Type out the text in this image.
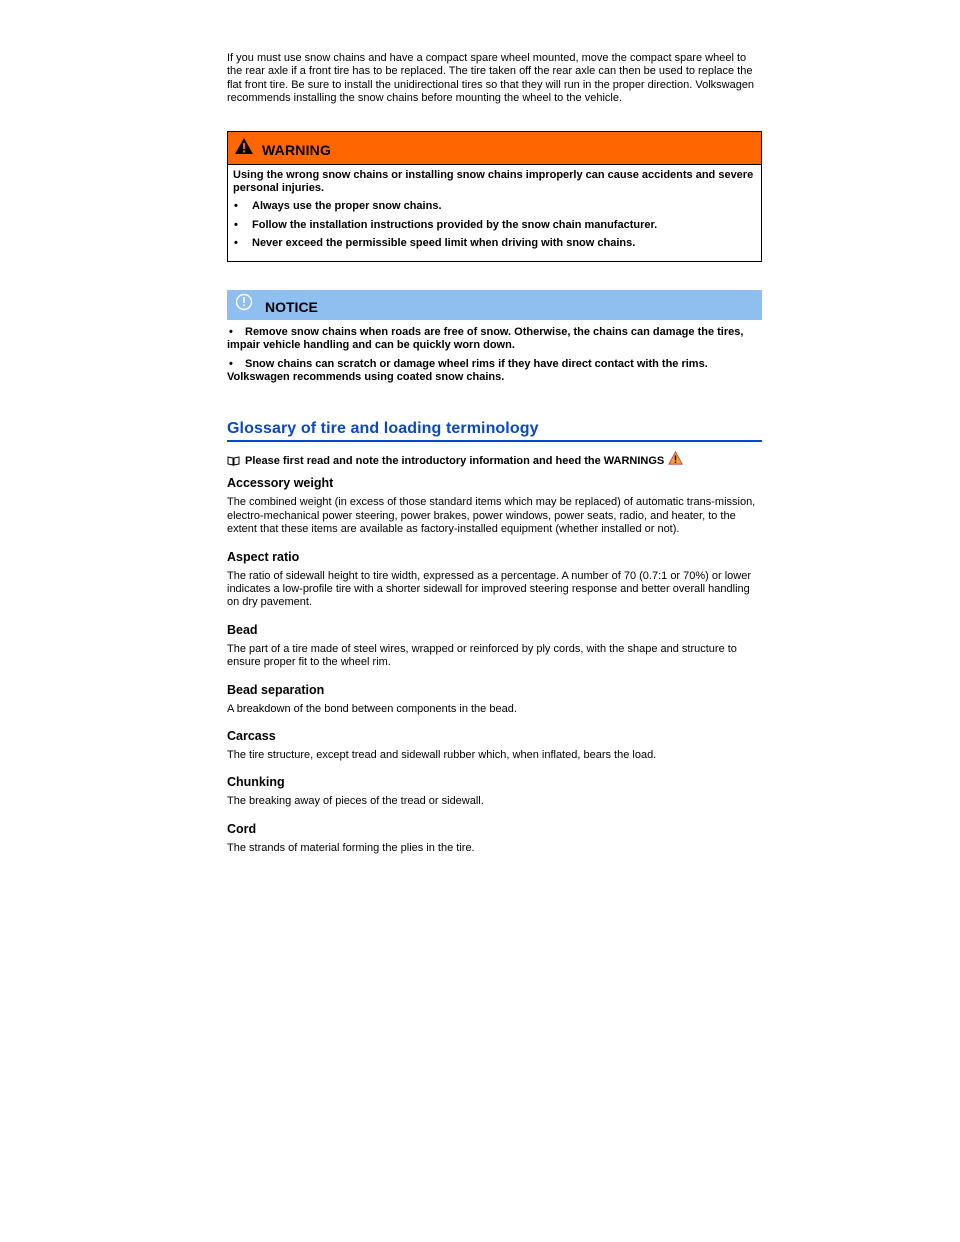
If you must use snow chains and have a compact spare wheel mounted, move the compact spare wheel to the rear axle if a front tire has to be replaced. The tire taken off the rear axle can then be used to replace the flat front tire. Be sure to install the unidirectional tires so that they will run in the proper direction. Volkswagen recommends installing the snow chains before mounting the wheel to the vehicle.

WARNING

Using the wrong snow chains or installing snow chains improperly can cause accidents and severe personal injuries.

•	Always use the proper snow chains.
•	Follow the installation instructions provided by the snow chain manufacturer.
•	Never exceed the permissible speed limit when driving with snow chains.
NOTICE
• Remove snow chains when roads are free of snow. Otherwise, the chains can damage the tires, impair vehicle handling and can be quickly worn down.
• Snow chains can scratch or damage wheel rims if they have direct contact with the rims. Volkswagen recommends using coated snow chains.
Glossary of tire and loading terminology
Please first read and note the introductory information and heed the WARNINGS
Accessory weight
The combined weight (in excess of those standard items which may be replaced) of automatic trans-mission, electro-mechanical power steering, power brakes, power windows, power seats, radio, and heater, to the extent that these items are available as factory-installed equipment (whether installed or not).
Aspect ratio
The ratio of sidewall height to tire width, expressed as a percentage. A number of 70 (0.7:1 or 70%) or lower indicates a low-profile tire with a shorter sidewall for improved steering response and better overall handling on dry pavement.
Bead
The part of a tire made of steel wires, wrapped or reinforced by ply cords, with the shape and structure to ensure proper fit to the wheel rim.
Bead separation
A breakdown of the bond between components in the bead.
Carcass
The tire structure, except tread and sidewall rubber which, when inflated, bears the load.
Chunking
The breaking away of pieces of the tread or sidewall.
Cord
The strands of material forming the plies in the tire.
